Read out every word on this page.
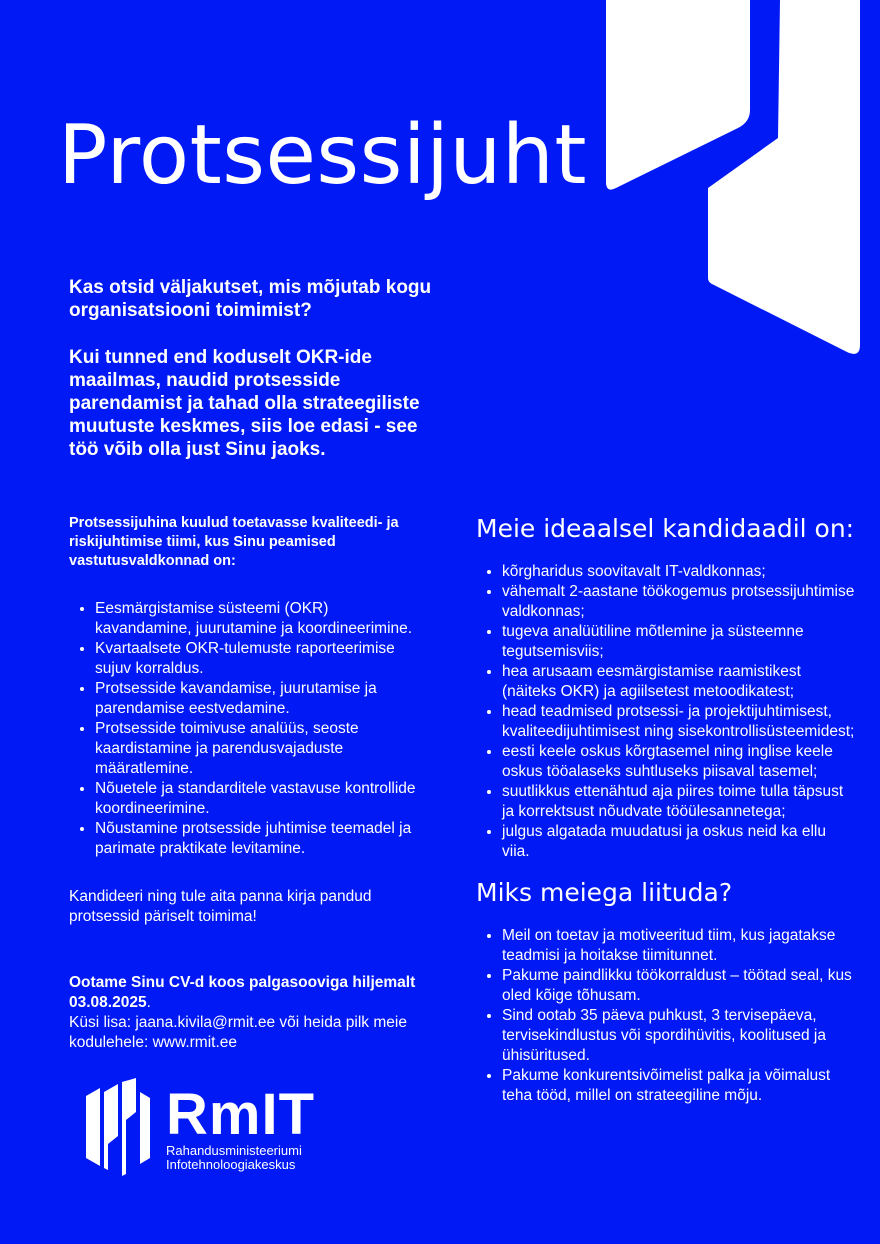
Protsessijuht

Kas otsid väljakutset, mis mõjutab kogu organisatsiooni toimimist?

Kui tunned end koduselt OKR-ide maailmas, naudid protsesside parendamist ja tahad olla strateegiliste muutuste keskmes, siis loe edasi - see töö võib olla just Sinu jaoks.

Protsessijuhina kuulud toetavasse kvaliteedi- ja riskijuhtimise tiimi, kus Sinu peamised vastutusvaldkonnad on:

• Eesmärgistamise süsteemi (OKR) kavandamine, juurutamine ja koordineerimine.
• Kvartaalsete OKR-tulemuste raporteerimise sujuv korraldus.
• Protsesside kavandamise, juurutamise ja parendamise eestvedamine.
• Protsesside toimivuse analüüs, seoste kaardistamine ja parendusvajaduste määratlemine.
• Nõuetele ja standarditele vastavuse kontrollide koordineerimine.
• Nõustamine protsesside juhtimise teemadel ja parimate praktikate levitamine.

Kandideeri ning tule aita panna kirja pandud protsessid päriselt toimima!

Ootame Sinu CV-d koos palgasooviga hiljemalt 03.08.2025.
Küsi lisa: jaana.kivila@rmit.ee või heida pilk meie kodulehele: www.rmit.ee

Meie ideaalsel kandidaadil on:
• kõrgharidus soovitavalt IT-valdkonnas;
• vähemalt 2-aastane töökogemus protsessijuhtimise valdkonnas;
• tugeva analüütiline mõtlemine ja süsteemne tegutsemisviis;
• hea arusaam eesmärgistamise raamistikest (näiteks OKR) ja agiilsetest metoodikatest;
• head teadmised protsessi- ja projektijuhtimisest, kvaliteedijuhtimisest ning sisekontrollisüsteemidest;
• eesti keele oskus kõrgtasemel ning inglise keele oskus tööalaseks suhtluseks piisaval tasemel;
• suutlikkus ettenähtud aja piires toime tulla täpsust ja korrektsust nõudvate tööülesannetega;
• julgus algatada muudatusi ja oskus neid ka ellu viia.
Miks meiega liituda?
• Meil on toetav ja motiveeritud tiim, kus jagatakse teadmisi ja hoitakse tiimitunnet.
• Pakume paindlikku töökorraldust – töötad seal, kus oled kõige tõhusam.
• Sind ootab 35 päeva puhkust, 3 tervisepäeva, tervisekindlustus või spordihüvitis, koolitused ja ühisüritused.
• Pakume konkurentsivõimelist palka ja võimalust teha tööd, millel on strateegiline mõju.
RmIT
Rahandusministeeriumi
Infotehnoloogiakeskus
